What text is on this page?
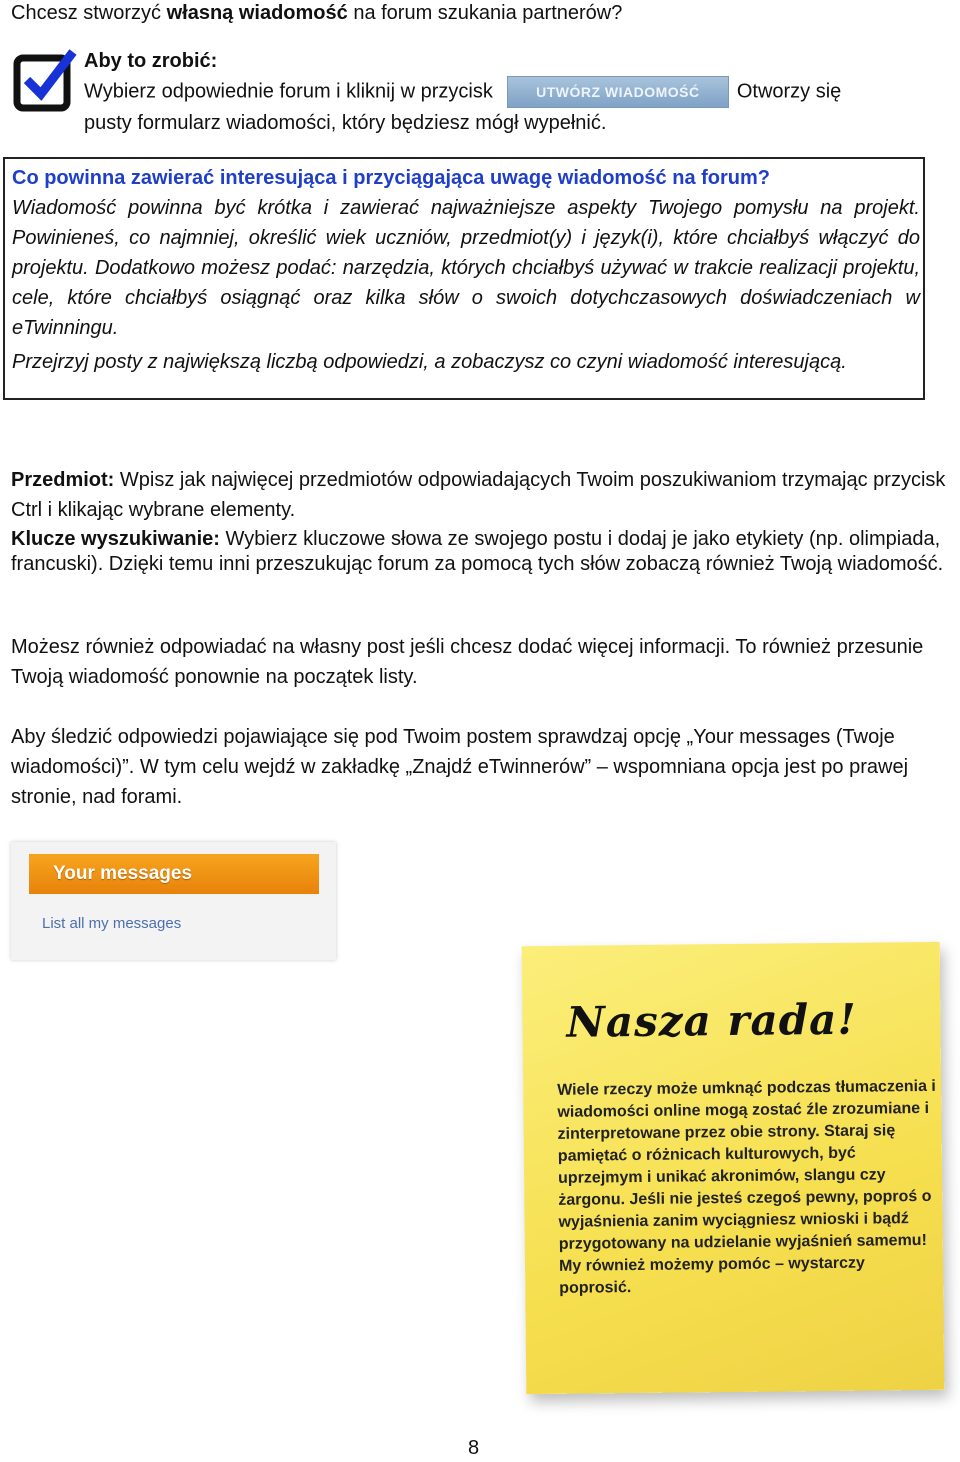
Chcesz stworzyć własną wiadomość na forum szukania partnerów?
Aby to zrobić:
Wybierz odpowiednie forum i kliknij w przycisk	UTWÓRZ WIADOMOŚĆ Otworzy się
pusty formularz wiadomości, który będziesz mógł wypełnić.
Co powinna zawierać interesująca i przyciągająca uwagę wiadomość na forum?

Wiadomość powinna być krótka i zawierać najważniejsze aspekty Twojego pomysłu na projekt. Powinieneś, co najmniej, określić wiek uczniów, przedmiot(y) i język(i), które chciałbyś włączyć do projektu. Dodatkowo możesz podać: narzędzia, których chciałbyś używać w trakcie realizacji projektu, cele, które chciałbyś osiągnąć oraz kilka słów o swoich dotychczasowych doświadczeniach w eTwinningu.

Przejrzyj posty z największą liczbą odpowiedzi, a zobaczysz co czyni wiadomość interesującą.

Przedmiot: Wpisz jak najwięcej przedmiotów odpowiadających Twoim poszukiwaniom trzymając przycisk Ctrl i klikając wybrane elementy.
Klucze wyszukiwanie: Wybierz kluczowe słowa ze swojego postu i dodaj je jako etykiety (np. olimpiada, francuski). Dzięki temu inni przeszukując forum za pomocą tych słów zobaczą również Twoją wiadomość.
Możesz również odpowiadać na własny post jeśli chcesz dodać więcej informacji. To również przesunie Twoją wiadomość ponownie na początek listy.
Aby śledzić odpowiedzi pojawiające się pod Twoim postem sprawdzaj opcję „Your messages (Twoje wiadomości)”. W tym celu wejdź w zakładkę „Znajdź eTwinnerów” – wspomniana opcja jest po prawej stronie, nad forami.
Your messages
List all my messages
Nasza rada!
Wiele rzeczy może umknąć podczas tłumaczenia i wiadomości online mogą zostać źle zrozumiane i zinterpretowane przez obie strony. Staraj się pamiętać o różnicach kulturowych, być uprzejmym i unikać akronimów, slangu czy żargonu. Jeśli nie jesteś czegoś pewny, poproś o wyjaśnienia zanim wyciągniesz wnioski i bądź przygotowany na udzielanie wyjaśnień samemu! My również możemy pomóc – wystarczy poprosić.
8
